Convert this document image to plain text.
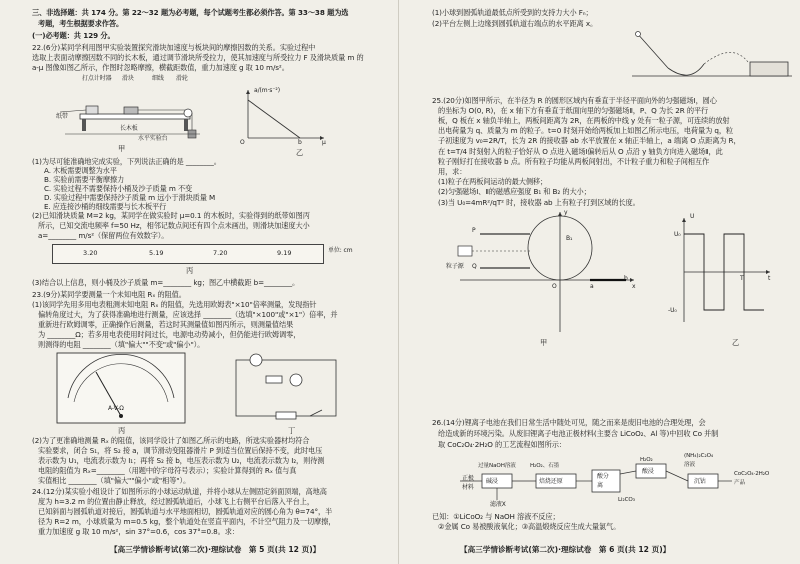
三、非选择题：共 174 分。第 22～32 题为必考题，每个试题考生都必须作答。第 33～38 题为选
考题，考生根据要求作答。
(一)必考题：共 129 分。
22.(6分)某同学利用图甲实验装置探究滑块加速度与板块间的摩擦因数的关系。实验过程中
选取上表面动摩擦因数不同的长木板，通过调节滑块所受拉力，使其加速度与所受拉力 F 及滑块质量 m 的
a-μ 图像如图乙所示，作图时忽略摩擦，横截距数值，重力加速度 g 取 10 m/s²。
打点计时器 滑块	细线 滑轮
纸带
长木板
水平实验台
甲
a/(m·s⁻²)
O	b	μ
乙
(1)为尽可能准确地完成实验，下列说法正确的是 ________。
A. 木板需要调整为水平
B. 实验前需要平衡摩擦力
C. 实验过程不需要保持小桶及沙子质量 m 不变
D. 实验过程中需要保持沙子质量 m 远小于滑块质量 M
E. 应连接沙桶的细线需要与长木板平行
(2)已知滑块质量 M=2 kg，某同学在做实验时 μ=0.1 的木板时，实验得到的纸带如图丙
所示，已知交流电频率 f=50 Hz，相邻记数点间还有四个点未画出，则滑块加速度大小
a=________ m/s²（保留两位有效数字）。
3.20	5.19	7.20	9.19	单位: cm
丙
(3)结合以上信息，则小桶及沙子质量 m=________ kg；图乙中横截距 b=________。
23.(9分)某同学要测量一个未知电阻 Rₓ 的阻值。
(1)该同学先用多用电表粗测未知电阻 Rₓ 的阻值，先选用欧姆表"×10"倍率测量，发现指针
偏转角度过大，为了获得准确地进行测量，应该选择 ________（选填"×100"或"×1"）倍率，并
重新进行欧姆调零，正确操作后测量，若这时其测量值如图丙所示，则测量值结果
为 ________Ω；若多用电表使用时间过长，电源电动势减小，但仍能进行欧姆调零，
则测得的电阻 ________（填"偏大""不变"或"偏小"）。
A-V-Ω
丙	丁
(2)为了更准确地测量 Rₓ 的阻值，该同学设计了如图乙所示的电路，所选实验器材均符合
实验要求，闭合 S₁，将 S₂ 接 a，调节滑动变阻器滑片 P 到适当位置后保持不变，此时电压
表示数为 U₁，电流表示数为 I₁；再将 S₂ 接 b，电压表示数为 U₂，电流表示数为 I₂，则待测
电阻的阻值为 Rₓ=________（用题中的字母符号表示）；实验计算得到的 Rₓ 值与真
实值相比 ________（填"偏大""偏小"或"相等"）。
24.(12分)某实验小组设计了如图所示的小球运动轨道，并将小球从左侧固定斜面顶端，高地高
度为 h=3.2 m 的位置由静止释放，经过圆弧轨道后，小球飞上右侧平台后落入平台上，
已知斜面与圆弧轨道对接后，圆弧轨道与水平地面相切，圆弧轨道对应的圆心角为 θ=74°，半
径为 R=2 m，小球质量为 m=0.5 kg，整个轨道处在竖直平面内，不计空气阻力及一切摩擦，
重力加速度 g 取 10 m/s²，sin 37°=0.6，cos 37°=0.8。求：
【高三学情诊断考试(第二次)·理综试卷　第 5 页(共 12 页)】
(1)小球到圆弧轨道最低点所受到的支持力大小 Fₙ；
(2)平台左侧上边缘到圆弧轨道右端点的水平距离 x。
25.(20分)如图甲所示，在半径为 R 的圆形区域内有垂直于半径平面向外的匀强磁场Ⅰ，圆心
的坐标为 O(0, R)，在 x 轴下方有垂直于纸面向里的匀强磁场Ⅱ，P、Q 为长 2R 的平行
板，Q 板在 x 轴负半轴上，两板间距离为 2R，在两板的中线 y 处有一粒子源，可连续的放射
出电荷量为 q、质量为 m 的粒子。t=0 时刻开始给两板加上如图乙所示电压，电荷量为 q，粒
子初速度为 v₀=2R/T，长为 2R 的接收器 ab 水平放置在 x 轴正半轴上，a 端离 O 点距离为 R，
在 t=T/4 时刻射入的粒子恰好从 O 点进入磁场Ⅰ偏转后从 O 点沿 y 轴负方向进入磁场Ⅱ，此
粒子刚好打在接收器 b 点。所有粒子均能从两板间射出，不计粒子重力和粒子间相互作
用，求：
(1)粒子在两板间运动的最大侧移；
(2)匀强磁场Ⅰ、Ⅱ的磁感应强度 B₁ 和 B₂ 的大小；
(3)当 U₀=4mR²/qT² 时，接收器 ab 上有粒子打到区域的长度。
y
x
O
P
Q
a
b
B₁
粒子源
甲
U
U₀
-U₀
t
T
乙
26.(14分)锂离子电池在我们日常生活中随处可见，随之而来是废旧电池的合理处理，会
给造成新的环境污染。从废旧锂离子电池正极材料(主要含 LiCoO₂、Al 等)中回收 Co 并制
取 CoC₂O₄·2H₂O 的工艺流程如图所示：
正极
材料
过量NaOH溶液
碱浸
滤液X
H₂O₂、石墨
焙烧还原
酸分
离
H₂O₂
酸浸
Li₂CO₃
(NH₄)₂C₂O₄
溶液
沉钴
CoC₂O₄·2H₂O
产品
已知：①LiCoO₂ 与 NaOH 溶液不反应；
②金属 Co 易被酸液氧化；③高温煅烧反应生成大量氯气。
【高三学情诊断考试(第二次)·理综试卷　第 6 页(共 12 页)】
